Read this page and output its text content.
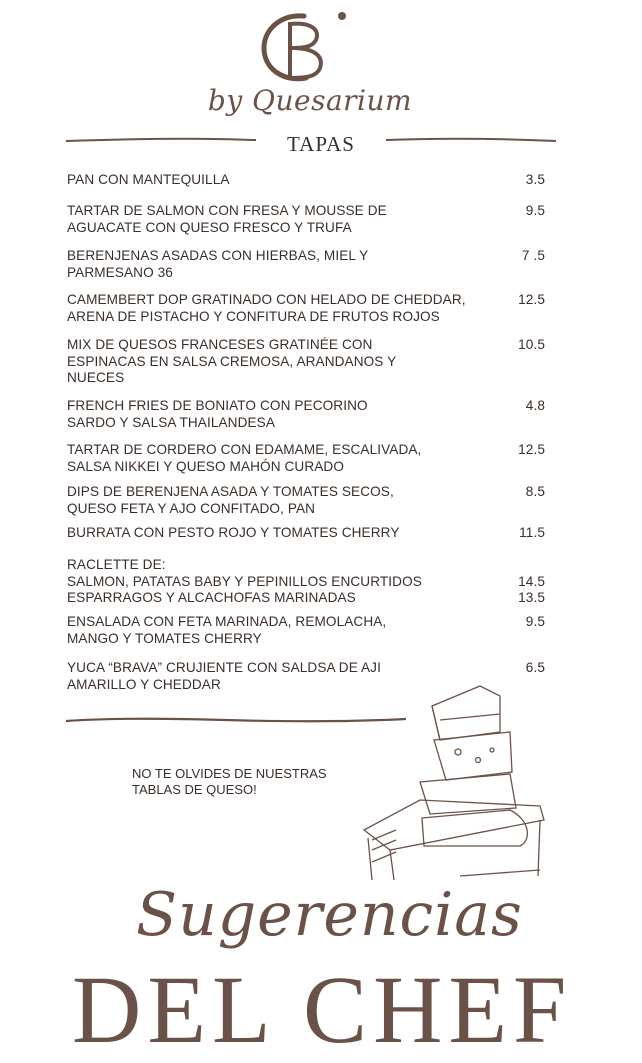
by Quesarium
TAPAS
PAN CON MANTEQUILLA	3.5
TARTAR DE SALMON CON FRESA Y MOUSSE DE
AGUACATE CON QUESO FRESCO Y TRUFA
9.5
BERENJENAS ASADAS CON HIERBAS, MIEL Y
PARMESANO 36
7 .5
CAMEMBERT DOP GRATINADO CON HELADO DE CHEDDAR,
ARENA DE PISTACHO Y CONFITURA DE FRUTOS ROJOS
12.5
MIX DE QUESOS FRANCESES GRATINÉE CON
ESPINACAS EN SALSA CREMOSA, ARANDANOS Y
NUECES
10.5
FRENCH FRIES DE BONIATO CON PECORINO
SARDO Y SALSA THAILANDESA
4.8
TARTAR DE CORDERO CON EDAMAME, ESCALIVADA,
SALSA NIKKEI Y QUESO MAHÓN CURADO
12.5
DIPS DE BERENJENA ASADA Y TOMATES SECOS,
QUESO FETA Y AJO CONFITADO, PAN
8.5
BURRATA CON PESTO ROJO Y TOMATES CHERRY	11.5
RACLETTE DE:
SALMON, PATATAS BABY Y PEPINILLOS ENCURTIDOS
ESPARRAGOS Y ALCACHOFAS MARINADAS
14.5
13.5
ENSALADA CON FETA MARINADA, REMOLACHA,
MANGO Y TOMATES CHERRY
9.5
YUCA “BRAVA” CRUJIENTE CON SALDSA DE AJI
AMARILLO Y CHEDDAR
6.5
NO TE OLVIDES DE NUESTRAS
TABLAS DE QUESO!
Sugerencias
DEL CHEF
